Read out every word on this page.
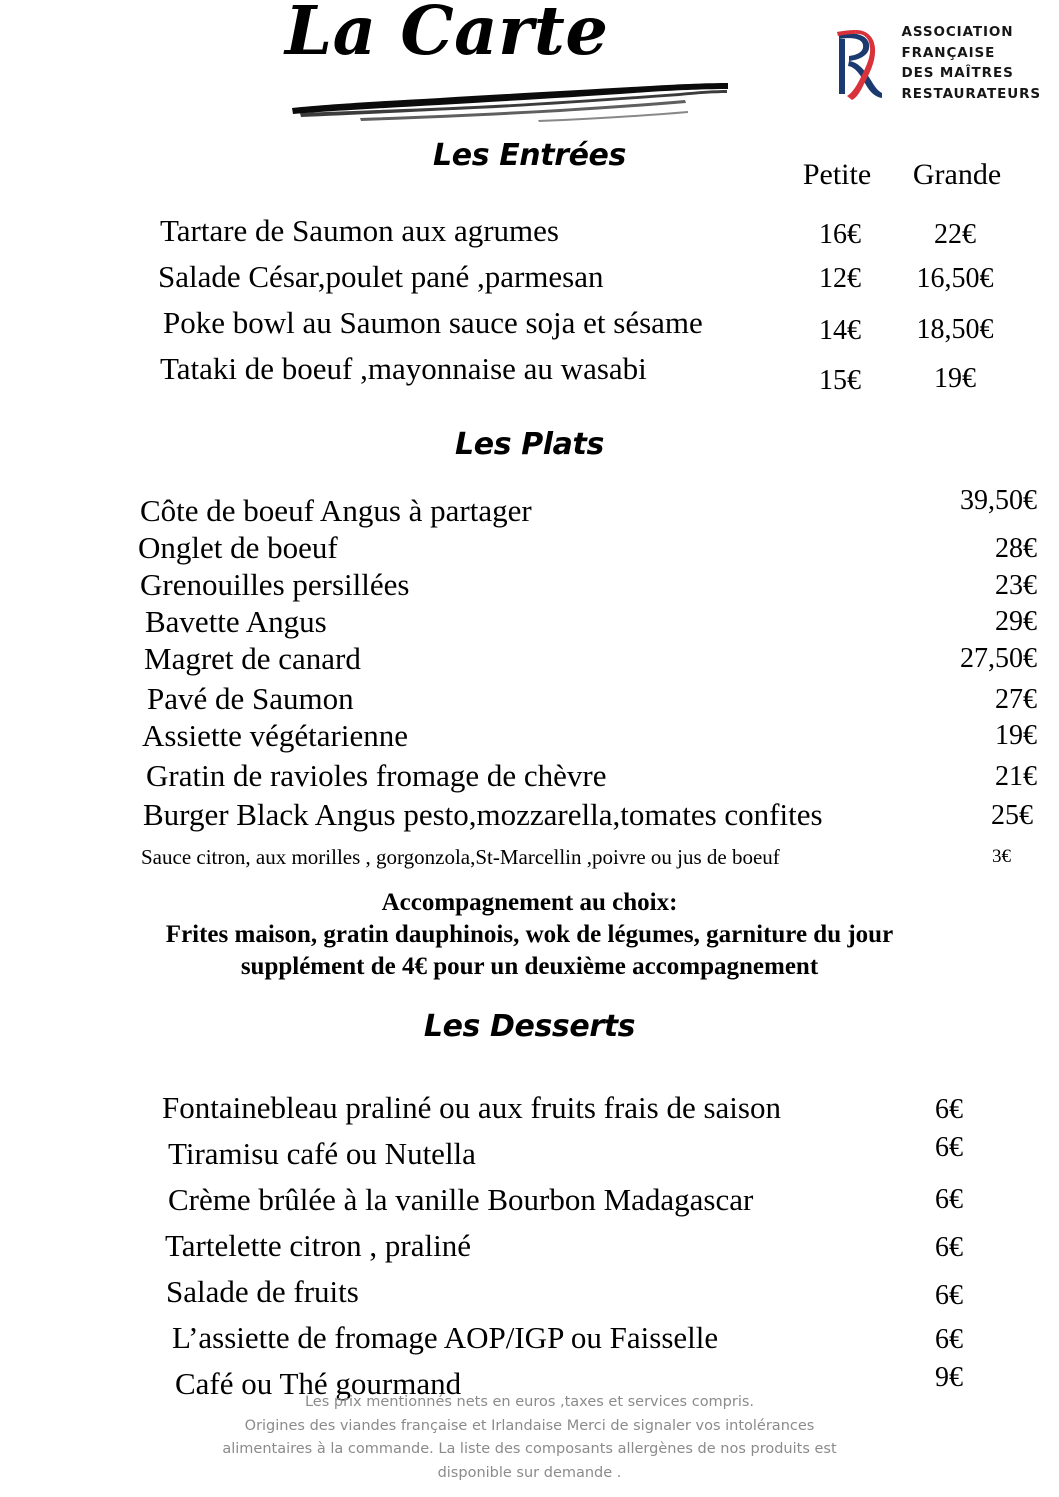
La Carte	ASSOCIATION
FRANÇAISE
DES MAÎTRES
RESTAURATEURS
Les Entrées
Petite	Grande
Tartare de Saumon aux agrumes	16€	22€
Salade César,poulet pané ,parmesan	12€	16,50€
Poke bowl au Saumon sauce soja et sésame	14€	18,50€
Tataki de boeuf ,mayonnaise au wasabi	15€	19€
Les Plats
Côte de boeuf Angus à partager	39,50€
Onglet de boeuf	28€
Grenouilles persillées	23€
Bavette Angus	29€
Magret de canard	27,50€
Pavé de Saumon	27€
Assiette végétarienne	19€
Gratin de ravioles fromage de chèvre	21€
Burger Black Angus pesto,mozzarella,tomates confites	25€
Sauce citron, aux morilles , gorgonzola,St-Marcellin ,poivre ou jus de boeuf	3€
Accompagnement au choix:
Frites maison, gratin dauphinois, wok de légumes, garniture du jour
supplément de 4€ pour un deuxième accompagnement
Les Desserts
Fontainebleau praliné ou aux fruits frais de saison	6€
Tiramisu café ou Nutella	6€
Crème brûlée à la vanille Bourbon Madagascar	6€
Tartelette citron , praliné	6€
Salade de fruits	6€
L’assiette de fromage AOP/IGP ou Faisselle	6€
Café ou Thé gourmand	9€
Les prix mentionnés nets en euros ,taxes et services compris.
Origines des viandes française et Irlandaise Merci de signaler vos intolérances
alimentaires à la commande. La liste des composants allergènes de nos produits est
disponible sur demande .
